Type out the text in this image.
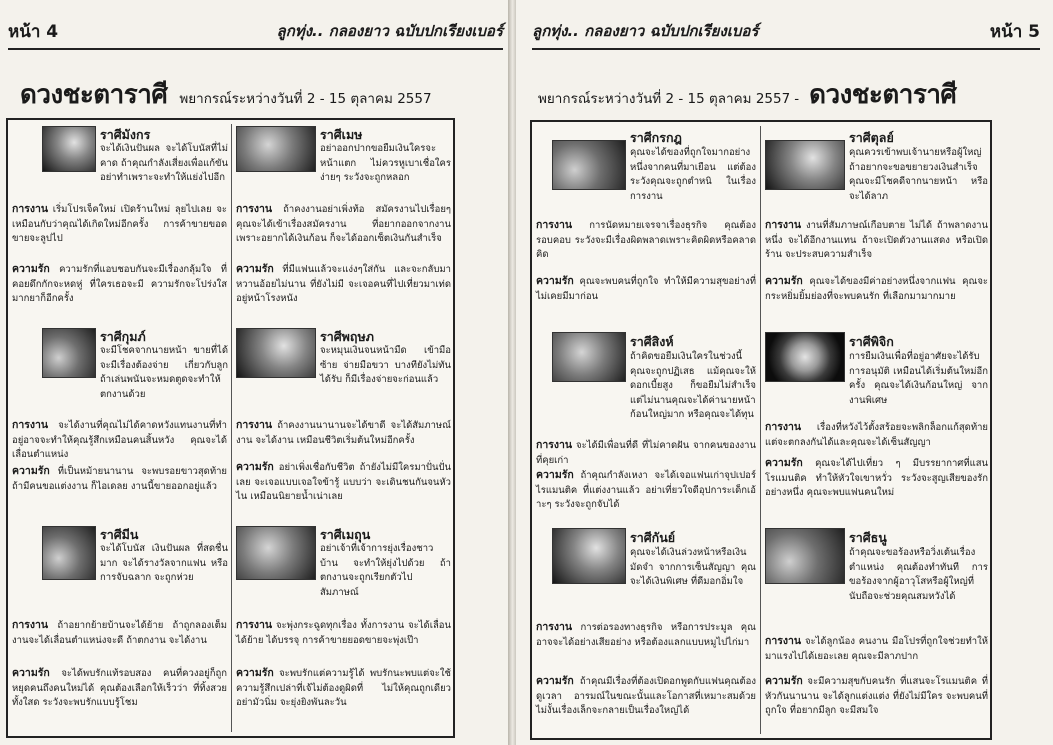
หน้า 4	ลูกทุ่ง.. กลองยาว ฉบับปกเรียงเบอร์
ดวงชะตาราศี พยากรณ์ระหว่างวันที่ 2 - 15 ตุลาคม 2557
ราศีมังกร
จะได้เงินปันผล จะได้โบนัสที่ไม่คาด ถ้าคุณกำลังเสี่ยงเพื่อแก้ขัน อย่าทำเพราะจะทำให้แย่งไปอีก
การงาน เริ่มโปรเจ็คใหม่ เปิดร้านใหม่ ลุยไปเลย จะเหมือนกับว่าคุณได้เกิดใหม่อีกครั้ง การค้าขายขอดขายจะลูปไป
ความรัก ความรักที่แอบชอบกันจะมีเรื่องกลุ้มใจ ที่คอยดึกกักจะหดหู่ ที่ใครเธอจะมี ความรักจะโปร่งใสมากยาก็อีกครั้ง
ราศีเมษ
อย่าออกปากขอยืมเงินใครจะหน้าแตก ไม่ควรหูเบาเชื่อใครง่ายๆ ระวังจะถูกหลอก
การงาน ถ้าคงงานอย่าเพิ่งท้อ สมัครงานไปเรื่อยๆ คุณจะได้เข้าเรื่องสมัครงาน ที่อยากออกจากงานเพราะอยากได้เงินก้อน ก็จะได้ออกเซ็ตเงินกันสำเร็จ
ความรัก ที่มีแฟนแล้วจะแง่งๆใส่กัน และจะกลับมาหวานอ้อยไม่นาน ที่ยังไม่มี จะเจอคนที่ไปเที่ยวมาเท่ด อยู่หน้าโรงหนัง
ราศีกุมภ์
จะมีโชคจากนายหน้า ขายที่ได้ จะมีเรื่องต้องจ่าย เกี่ยวกับลูก ถ้าเล่นพนันจะหมดตูดจะทำให้ตกงานด้วย
การงาน จะได้งานที่คุณไม่ได้คาดหวังแทนงานที่ทำอยู่อาจจะทำให้คุณรู้สึกเหมือนคนสิ้นหวัง คุณจะได้เลื่อนตำแหน่ง
ความรัก ที่เป็นหม้ายนานาน จะพบรอยขาวสุดท้าย ถ้ามีคนขอแต่งงาน ก็ไอเดลย งานนี้ขายออกอยู่แล้ว
ราศีพฤษภ
จะหมุนเงินจนหน้ามืด เข้ามือซ้าย จ่ายมือขวา บางทียังไม่ทันได้รับ ก็มีเรื่องจ่ายจะก่อนแล้ว
การงาน ถ้าคงงานนานานจะได้ขาดี จะได้สัมภาษณ์งาน จะได้งาน เหมือนชีวิตเริ่มต้นใหม่อีกครั้ง
ความรัก อย่าเพิ่งเชื่อกับชีวิต ถ้ายังไม่มีใครมาปั่นปั่นเลย จะเจอแบบเจอใจข้ารู้ แบบว่า จะเดินชนกันจนหัวไน เหมือนนิยายน้ำเน่าเลย
ราศีมีน
จะได้โบนัส เงินปันผล ที่สดชื่นมาก จะได้รางวัลจากแฟน หรือ การจับฉลาก จะถูกห่วย
การงาน ถ้าอยากย้ายบ้านจะได้ย้าย ถ้าถูกลองเต็มงานจะได้เลื่อนตำแหน่งจะดี ถ้าตกงาน จะได้งาน
ความรัก จะได้พบรักแท้รอบสอง คนที่ควงอยู่ก็ถูกหยุดคนถึงคนใหม่ได้ คุณต้องเลือกให้เร็วว่า ที่ทิ้งสวย ทั้งใสด ระวังจะพบรักแบบรู้โชม
ราศีเมถุน
อย่าเจ้าที่เจ้าการยุ่งเรื่องชาวบ้าน จะทำให้ยุ่งไปด้วย ถ้าตกงานจะถูกเรียกตัวไปสัมภาษณ์
การงาน จะพุ่งกระฉูดทุกเรื่อง ทั้งการงาน จะได้เลื่อน ได้ย้าย ได้บรรจุ การค้าขายยอดขายจะพุ่งเป๊า
ความรัก จะพบรักแต่ความรู้ได้ พบรักนะพบแต่จะใช้ความรู้สึกเปล่าที่เจ้ไม่ต้องดูผิดที่ ไม่ให้คุณถูกเดียว อย่ามัวนิ่ม จะยุ่งยิงพันละวัน
ลูกทุ่ง.. กลองยาว ฉบับปกเรียงเบอร์	หน้า 5
พยากรณ์ระหว่างวันที่ 2 - 15 ตุลาคม 2557 - ดวงชะตาราศี
ราศีกรกฎ
คุณจะได้ของที่ถูกใจมากอย่างหนึ่งจากคนที่มาเยือน แต่ต้องระวังคุณจะถูกตำหนิ ในเรื่องการงาน
การงาน การนัดหมายเจรจาเรื่องธุรกิจ คุณต้องรอบคอบ ระวังจะมีเรื่องผิดพลาดเพราะคิดผิดหรือคลาดคิด
ความรัก คุณจะพบคนที่ถูกใจ ทำให้มีความสุขอย่างที่ไม่เคยมีมาก่อน
ราศีตุลย์
คุณควรเข้าพบเจ้านายหรือผู้ใหญ่ถ้าอยากจะขอขยายวงเงินสำเร็จ คุณจะมีโชคดีจากนายหน้า หรือจะได้ลาภ
การงาน งานที่สัมภาษณ์เกือบตาย ไม่ได้ ถ้าพลาดงานหนึ่ง จะได้อีกงานแทน ถ้าจะเปิดตัวงานแสดง หรือเปิดร้าน จะประสบความสำเร็จ
ความรัก คุณจะได้ของมีค่าอย่างหนึ่งจากแฟน คุณจะกระหยิ่มยิ้มย่องที่จะพบคนรัก ที่เลือกมามากมาย
ราศีสิงห์
ถ้าคิดขอยืมเงินใครในช่วงนี้ คุณจะถูกปฏิเสธ แม้คุณจะให้ดอกเบี้ยสูง ก็ขอยืมไม่สำเร็จ แต่ไม่นานคุณจะได้ค่านายหน้า ก้อนใหญ่มาก หรือคุณจะได้ทุน
การงาน จะได้มีเพื่อนที่ดี ที่ไม่คาดฝัน จากคนของงานที่คุยเก่า
ความรัก ถ้าคุณกำลังเหงา จะได้เจอแฟนเก่าจุปเปอร์ไรแมนติค ที่แต่งงานแล้ว อย่าเที่ยวใจดีอุปการะเด็กเอ้าะๆ ระวังจะถูกจับได้
ราศีพิจิก
การยืมเงินเพื่อที่อยู่อาศัยจะได้รับการอนุมัติ เหมือนได้เริ่มต้นใหม่อีกครั้ง คุณจะได้เงินก้อนใหญ่ จากงานพิเศษ
การงาน เรื่องที่หวังไว้ตั้งสร้อยจะพลิกล็อกแก้สุดท้าย แต่จะตกลงกันได้และคุณจะได้เซ็นสัญญา
ความรัก คุณจะได้ไปเที่ยว ๆ มีบรรยากาศที่แสนโรแมนติค ทำให้หัวใจเขาหวั่ว ระวังจะสูญเสียของรักอย่างหนึ่ง คุณจะพบแฟนคนใหม่
ราศีกันย์
คุณจะได้เงินล่วงหน้าหรือเงินมัดจำ จากการเซ็นสัญญา คุณจะได้เงินพิเศษ ที่ดีมอกอิ่มใจ
การงาน การต่อรองทางธุรกิจ หรือการประมูล คุณอาจจะได้อย่างเสียอย่าง หรือต้องแลกแบบหมูไปไก่มา
ความรัก ถ้าคุณมีเรื่องที่ต้องเปิดอกพูดกับแฟนคุณต้องดูเวลา อารมณ์ในขณะนั้นและโอกาสที่เหมาะสมด้วย ไม่งั้นเรื่องเล็กจะกลายเป็นเรื่องใหญ่ได้
ราศีธนู
ถ้าคุณจะขอร้องหรือวิ่งเต้นเรื่องตำแหน่ง คุณต้องทำทันที การขอร้องจากผู้อาวุโสหรือผู้ใหญ่ที่นับถือจะช่วยคุณสมหวังได้
การงาน จะได้ลูกน้อง คนงาน มือโปรที่ถูกใจช่วยทำให้มาแรงไปได้เยอะเลย คุณจะมีลาภปาก
ความรัก จะมีความสุขกับคนรัก ที่แสนจะโรแมนติค ที่หัวกันนานาน จะได้ลูกแต่งแต่ง ที่ยังไม่มีใคร จะพบคนที่ถูกใจ ที่อยากมีลูก จะมีสมใจ
